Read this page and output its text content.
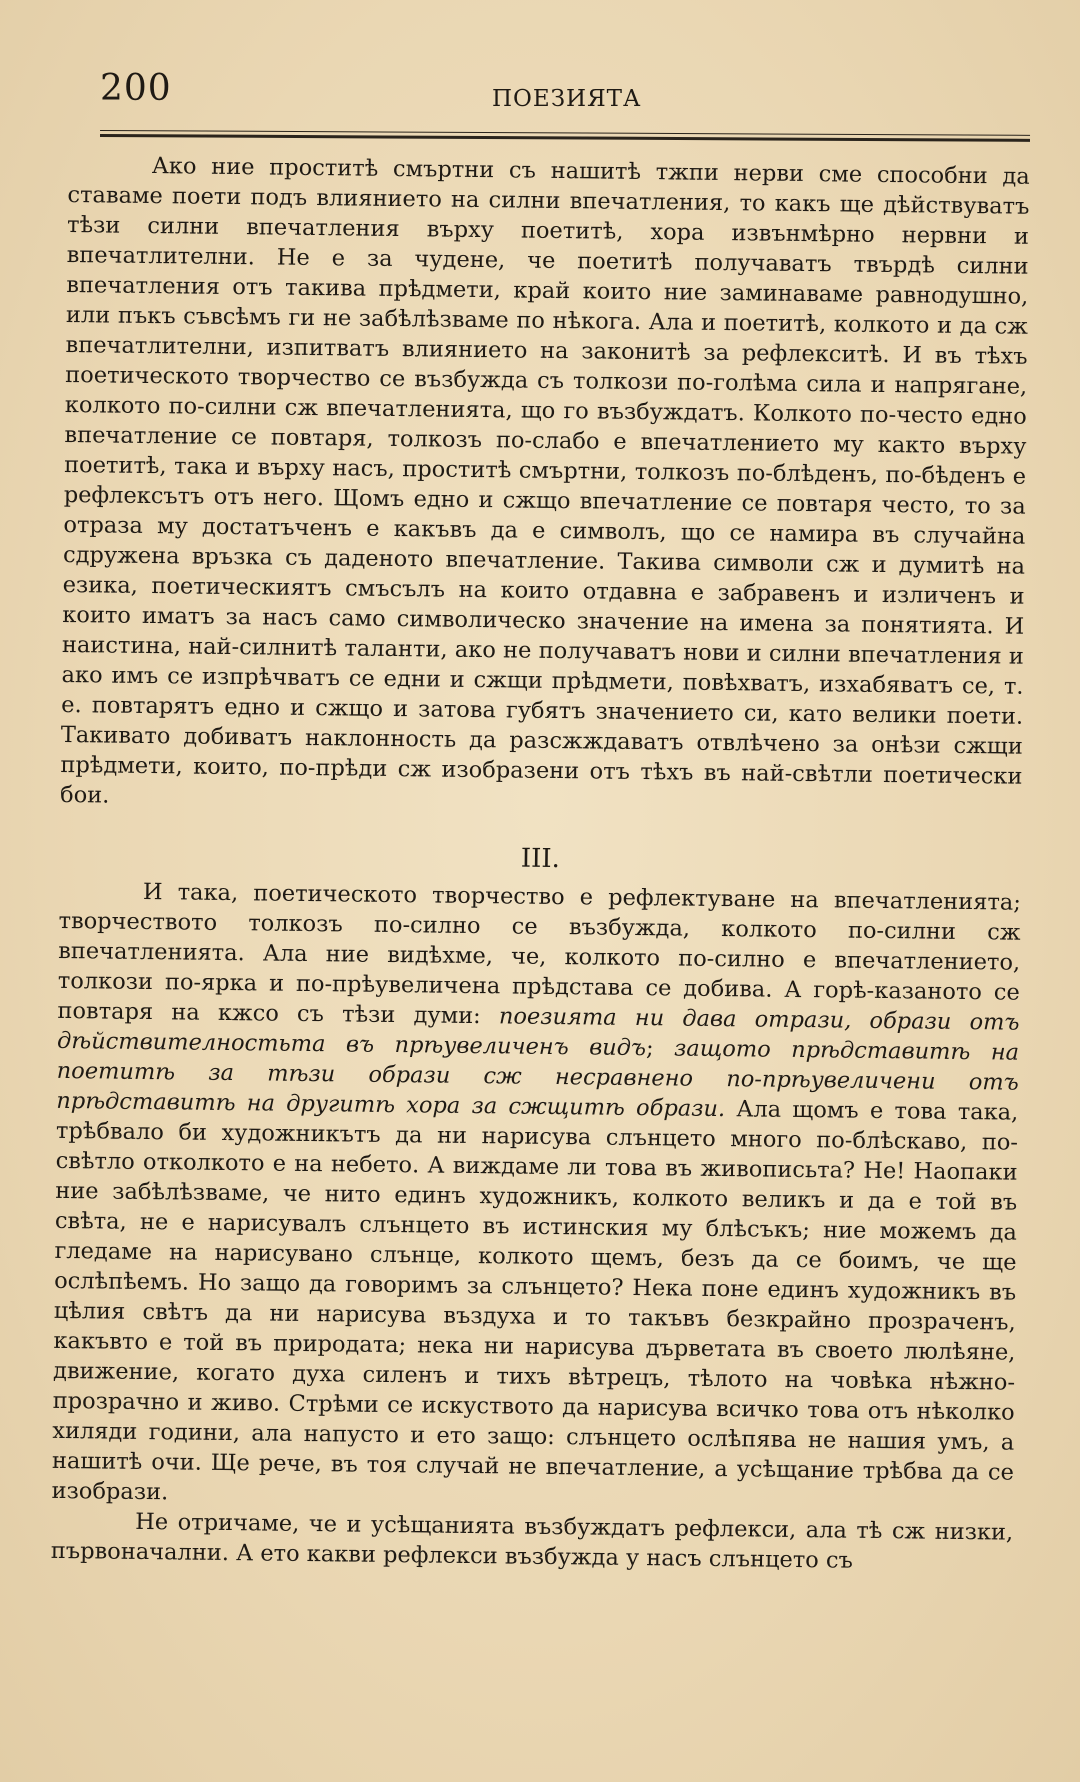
200	ПОЕЗИЯТА

Ако ние проститѣ смъртни съ нашитѣ тжпи нерви сме способни да ставаме поети подъ влиянието на силни впечатления, то какъ ще дѣйствуватъ тѣзи силни впечатления върху поетитѣ, хора извънмѣрно нервни и впечатлителни. Не е за чудене, че поетитѣ получаватъ твърдѣ силни впечатления отъ такива прѣдмети, край които ние заминаваме равнодушно, или пъкъ съвсѣмъ ги не забѣлѣзваме по нѣкога. Ала и поетитѣ, колкото и да сж впечатлителни, изпитватъ влиянието на законитѣ за рефлекситѣ. И въ тѣхъ поетическото творчество се възбужда съ толкози по-голѣма сила и напрягане, колкото по-силни сж впечатленията, що го възбуждатъ. Колкото по-често едно впечатление се повтаря, толкозъ по-слабо е впечатлението му както върху поетитѣ, така и върху насъ, проститѣ смъртни, толкозъ по-блѣденъ, по-бѣденъ е рефлексътъ отъ него. Щомъ едно и сжщо впечатление се повтаря често, то за отраза му достатъченъ е какъвъ да е символъ, що се намира въ случайна сдружена връзка съ даденото впечатление. Такива символи сж и думитѣ на езика, поетическиятъ смъсълъ на които отдавна е забравенъ и изличенъ и които иматъ за насъ само символическо значение на имена за понятията. И наистина, най-силнитѣ таланти, ако не получаватъ нови и силни впечатления и ако имъ се изпрѣчватъ се едни и сжщи прѣдмети, повѣхватъ, изхабяватъ се, т. е. повтарятъ едно и сжщо и затова губятъ значението си, като велики поети. Такивато добиватъ наклонность да разсжждаватъ отвлѣчено за онѣзи сжщи прѣдмети, които, по-прѣди сж изобразени отъ тѣхъ въ най-свѣтли поетически бои.

III.

И така, поетическото творчество е рефлектуване на впечатленията; творчеството толкозъ по-силно се възбужда, колкото по-силни сж впечатленията. Ала ние видѣхме, че, колкото по-силно е впечатлението, толкози по-ярка и по-прѣувеличена прѣдстава се добива. А горѣ-казаното се повтаря на кжсо съ тѣзи думи: поезията ни дава отрази, образи отъ дѣйствителностьта въ прѣувеличенъ видъ; защото прѣдставитѣ на поетитѣ за тѣзи образи сж несравнено по-прѣувеличени отъ прѣдставитѣ на другитѣ хора за сжщитѣ образи. Ала щомъ е това така, трѣбвало би художникътъ да ни нарисува слънцето много по-блѣскаво, по-свѣтло отколкото е на небето. А виждаме ли това въ живописьта? Не! Наопаки ние забѣлѣзваме, че нито единъ художникъ, колкото великъ и да е той въ свѣта, не е нарисувалъ слънцето въ истинския му блѣсъкъ; ние можемъ да гледаме на нарисувано слънце, колкото щемъ, безъ да се боимъ, че ще ослѣпѣемъ. Но защо да говоримъ за слънцето? Нека поне единъ художникъ въ цѣлия свѣтъ да ни нарисува въздуха и то такъвъ безкрайно прозраченъ, какъвто е той въ природата; нека ни нарисува дърветата въ своето люлѣяне, движение, когато духа силенъ и тихъ вѣтрецъ, тѣлото на човѣка нѣжно-прозрачно и живо. Стрѣми се искуството да нарисува всичко това отъ нѣколко хиляди години, ала напусто и ето защо: слънцето ослѣпява не нашия умъ, а нашитѣ очи. Ще рече, въ тоя случай не впечатление, а усѣщание трѣбва да се изобрази.

Не отричаме, че и усѣщанията възбуждатъ рефлекси, ала тѣ сж низки, първоначални. А ето какви рефлекси възбужда у насъ слънцето съ
